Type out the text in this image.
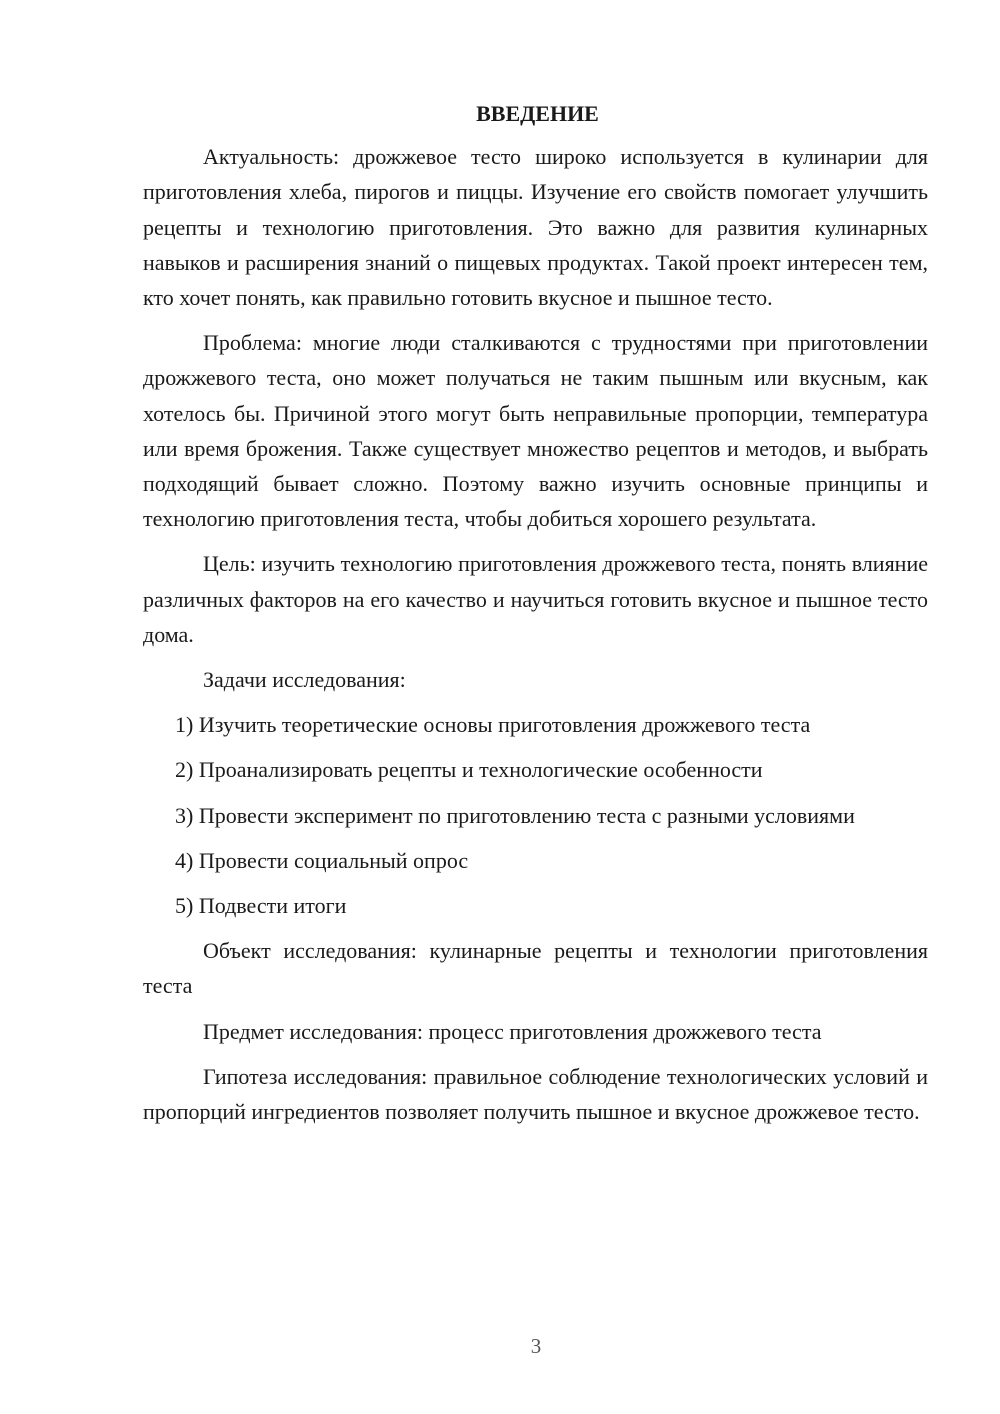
ВВЕДЕНИЕ

Актуальность: дрожжевое тесто широко используется в кулинарии для приготовления хлеба, пирогов и пиццы. Изучение его свойств помогает улучшить рецепты и технологию приготовления. Это важно для развития кулинарных навыков и расширения знаний о пищевых продуктах. Такой проект интересен тем, кто хочет понять, как правильно готовить вкусное и пышное тесто.

Проблема: многие люди сталкиваются с трудностями при приготовлении дрожжевого теста, оно может получаться не таким пышным или вкусным, как хотелось бы. Причиной этого могут быть неправильные пропорции, температура или время брожения. Также существует множество рецептов и методов, и выбрать подходящий бывает сложно. Поэтому важно изучить основные принципы и технологию приготовления теста, чтобы добиться хорошего результата.

Цель: изучить технологию приготовления дрожжевого теста, понять влияние различных факторов на его качество и научиться готовить вкусное и пышное тесто дома.

Задачи исследования:

1) Изучить теоретические основы приготовления дрожжевого теста

2) Проанализировать рецепты и технологические особенности

3) Провести эксперимент по приготовлению теста с разными условиями

4) Провести социальный опрос

5) Подвести итоги

Объект исследования: кулинарные рецепты и технологии приготовления теста

Предмет исследования: процесс приготовления дрожжевого теста

Гипотеза исследования: правильное соблюдение технологических условий и пропорций ингредиентов позволяет получить пышное и вкусное дрожжевое тесто.

3
